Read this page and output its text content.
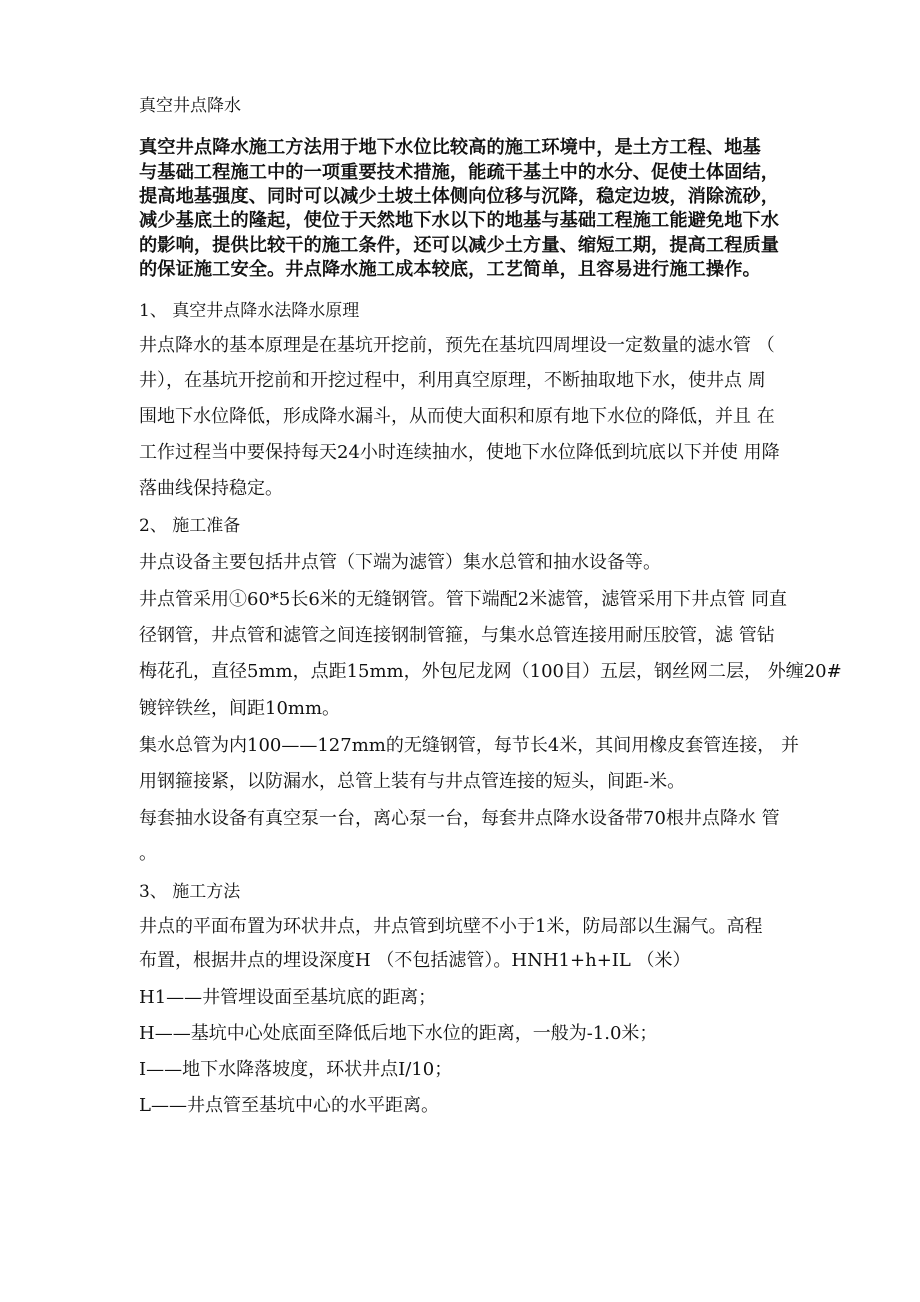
真空井点降水
真空井点降水施工方法用于地下水位比较高的施工环境中，是土方工程、地基
与基础工程施工中的一项重要技术措施，能疏干基土中的水分、促使土体固结，
提高地基强度、同时可以减少土坡土体侧向位移与沉降，稳定边坡，消除流砂，
减少基底土的隆起，使位于天然地下水以下的地基与基础工程施工能避免地下水
的影响，提供比较干的施工条件，还可以减少土方量、缩短工期，提高工程质量
的保证施工安全。井点降水施工成本较底，工艺简单，且容易进行施工操作。
1、 真空井点降水法降水原理
井点降水的基本原理是在基坑开挖前，预先在基坑四周埋设一定数量的滤水管 （
井），在基坑开挖前和开挖过程中，利用真空原理，不断抽取地下水，使井点 周
围地下水位降低，形成降水漏斗，从而使大面积和原有地下水位的降低，并且 在
工作过程当中要保持每天24小时连续抽水，使地下水位降低到坑底以下并使 用降
落曲线保持稳定。
2、 施工准备
井点设备主要包括井点管（下端为滤管）集水总管和抽水设备等。
井点管采用①60*5长6米的无缝钢管。管下端配2米滤管，滤管采用下井点管 同直
径钢管，井点管和滤管之间连接钢制管箍，与集水总管连接用耐压胶管，滤 管钻
梅花孔，直径5mm，点距15mm，外包尼龙网（100目）五层，钢丝网二层， 外缠20#
镀锌铁丝，间距10mm。
集水总管为内100——127mm的无缝钢管，每节长4米，其间用橡皮套管连接， 并
用钢箍接紧，以防漏水，总管上装有与井点管连接的短头，间距-米。
每套抽水设备有真空泵一台，离心泵一台，每套井点降水设备带70根井点降水 管
。
3、 施工方法
井点的平面布置为环状井点，井点管到坑壁不小于1米，防局部以生漏气。高程
布置，根据井点的埋设深度H （不包括滤管）。HNH1+h+IL （米）
H1——井管埋设面至基坑底的距离；
H——基坑中心处底面至降低后地下水位的距离，一般为-1.0米；
I——地下水降落坡度，环状井点I/10；
L——井点管至基坑中心的水平距离。
